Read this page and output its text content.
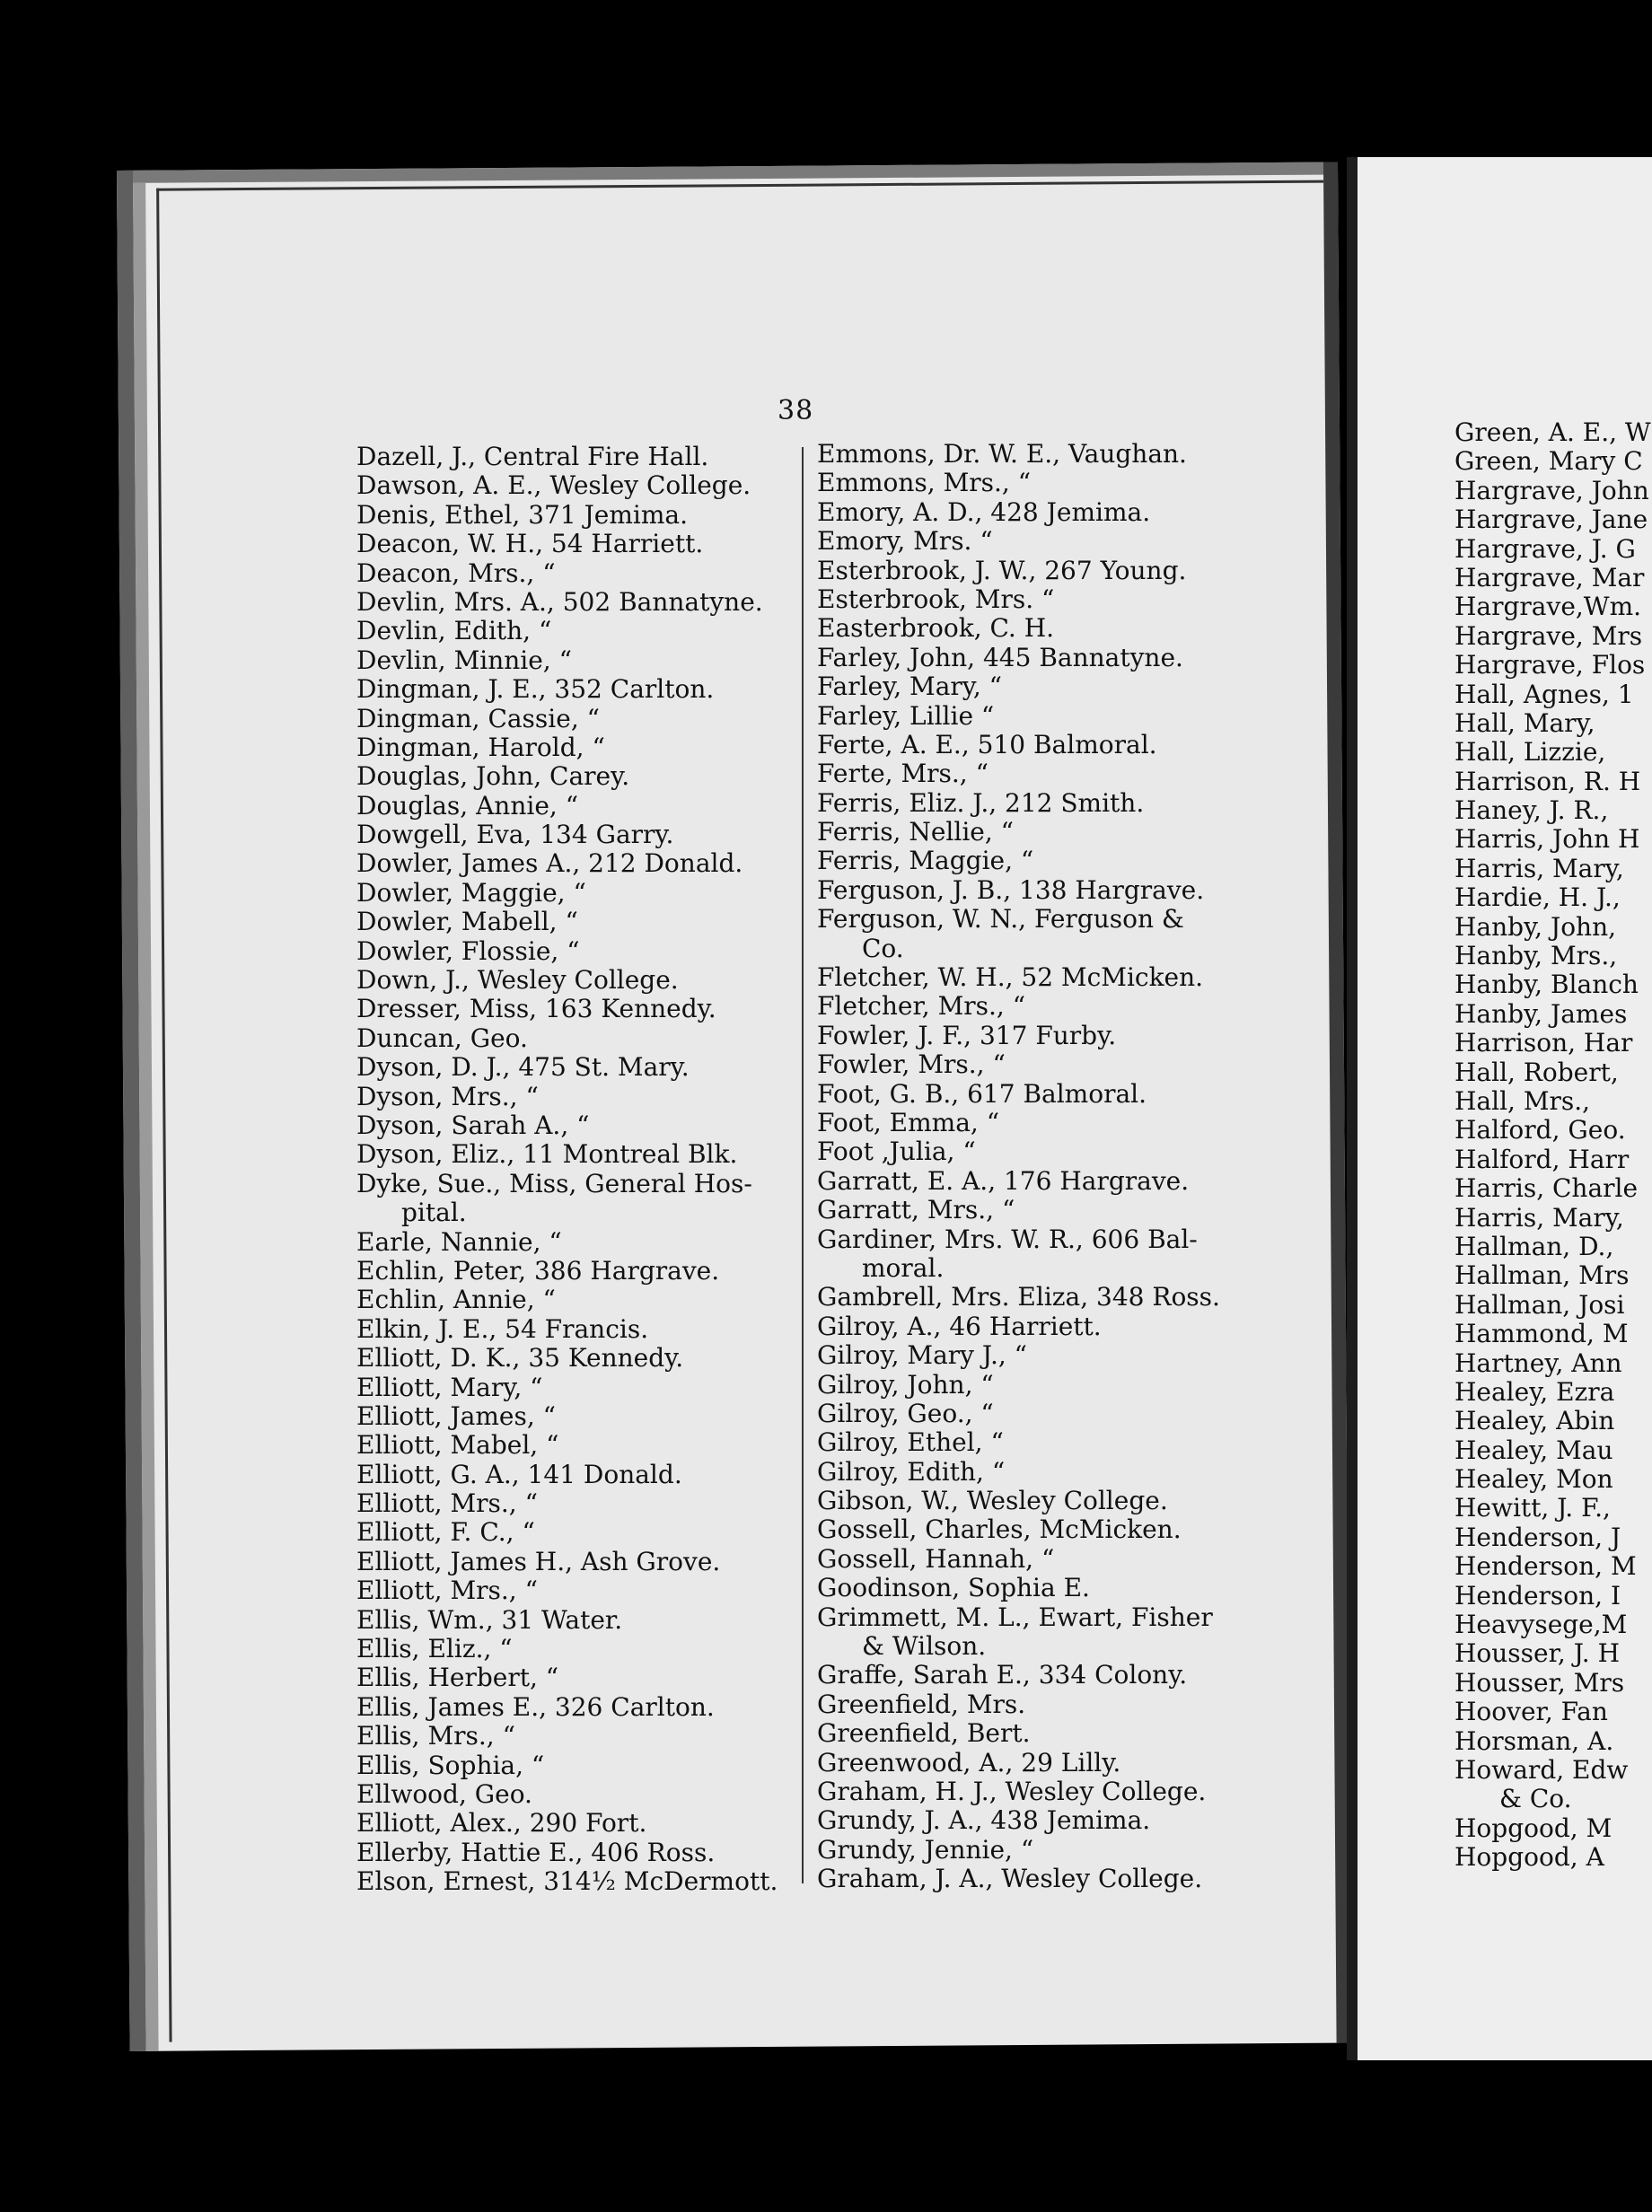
38
Dazell, J., Central Fire Hall.
Dawson, A. E., Wesley College.
Denis, Ethel, 371 Jemima.
Deacon, W. H., 54 Harriett.
Deacon, Mrs., “
Devlin, Mrs. A., 502 Bannatyne.
Devlin, Edith, “
Devlin, Minnie, “
Dingman, J. E., 352 Carlton.
Dingman, Cassie, “
Dingman, Harold, “
Douglas, John, Carey.
Douglas, Annie, “
Dowgell, Eva, 134 Garry.
Dowler, James A., 212 Donald.
Dowler, Maggie, “
Dowler, Mabell, “
Dowler, Flossie, “
Down, J., Wesley College.
Dresser, Miss, 163 Kennedy.
Duncan, Geo.
Dyson, D. J., 475 St. Mary.
Dyson, Mrs., “
Dyson, Sarah A., “
Dyson, Eliz., 11 Montreal Blk.
Dyke, Sue., Miss, General Hos-
pital.
Earle, Nannie, “
Echlin, Peter, 386 Hargrave.
Echlin, Annie, “
Elkin, J. E., 54 Francis.
Elliott, D. K., 35 Kennedy.
Elliott, Mary, “
Elliott, James, “
Elliott, Mabel, “
Elliott, G. A., 141 Donald.
Elliott, Mrs., “
Elliott, F. C., “
Elliott, James H., Ash Grove.
Elliott, Mrs., “
Ellis, Wm., 31 Water.
Ellis, Eliz., “
Ellis, Herbert, “
Ellis, James E., 326 Carlton.
Ellis, Mrs., “
Ellis, Sophia, “
Ellwood, Geo.
Elliott, Alex., 290 Fort.
Ellerby, Hattie E., 406 Ross.
Elson, Ernest, 314½ McDermott.
Emmons, Dr. W. E., Vaughan.
Emmons, Mrs., “
Emory, A. D., 428 Jemima.
Emory, Mrs. “
Esterbrook, J. W., 267 Young.
Esterbrook, Mrs. “
Easterbrook, C. H.
Farley, John, 445 Bannatyne.
Farley, Mary, “
Farley, Lillie “
Ferte, A. E., 510 Balmoral.
Ferte, Mrs., “
Ferris, Eliz. J., 212 Smith.
Ferris, Nellie, “
Ferris, Maggie, “
Ferguson, J. B., 138 Hargrave.
Ferguson, W. N., Ferguson &
Co.
Fletcher, W. H., 52 McMicken.
Fletcher, Mrs., “
Fowler, J. F., 317 Furby.
Fowler, Mrs., “
Foot, G. B., 617 Balmoral.
Foot, Emma, “
Foot ,Julia, “
Garratt, E. A., 176 Hargrave.
Garratt, Mrs., “
Gardiner, Mrs. W. R., 606 Bal-
moral.
Gambrell, Mrs. Eliza, 348 Ross.
Gilroy, A., 46 Harriett.
Gilroy, Mary J., “
Gilroy, John, “
Gilroy, Geo., “
Gilroy, Ethel, “
Gilroy, Edith, “
Gibson, W., Wesley College.
Gossell, Charles, McMicken.
Gossell, Hannah, “
Goodinson, Sophia E.
Grimmett, M. L., Ewart, Fisher
& Wilson.
Graffe, Sarah E., 334 Colony.
Greenfield, Mrs.
Greenfield, Bert.
Greenwood, A., 29 Lilly.
Graham, H. J., Wesley College.
Grundy, J. A., 438 Jemima.
Grundy, Jennie, “
Graham, J. A., Wesley College.
Green, A. E., W
Green, Mary C
Hargrave, John
Hargrave, Jane
Hargrave, J. G
Hargrave, Mar
Hargrave,Wm.
Hargrave, Mrs
Hargrave, Flos
Hall, Agnes, 1
Hall, Mary,
Hall, Lizzie,
Harrison, R. H
Haney, J. R.,
Harris, John H
Harris, Mary,
Hardie, H. J.,
Hanby, John,
Hanby, Mrs.,
Hanby, Blanch
Hanby, James
Harrison, Har
Hall, Robert,
Hall, Mrs.,
Halford, Geo.
Halford, Harr
Harris, Charle
Harris, Mary,
Hallman, D.,
Hallman, Mrs
Hallman, Josi
Hammond, M
Hartney, Ann
Healey, Ezra
Healey, Abin
Healey, Mau
Healey, Mon
Hewitt, J. F.,
Henderson, J
Henderson, M
Henderson, I
Heavysege,M
Housser, J. H
Housser, Mrs
Hoover, Fan
Horsman, A.
Howard, Edw
& Co.
Hopgood, M
Hopgood, A
